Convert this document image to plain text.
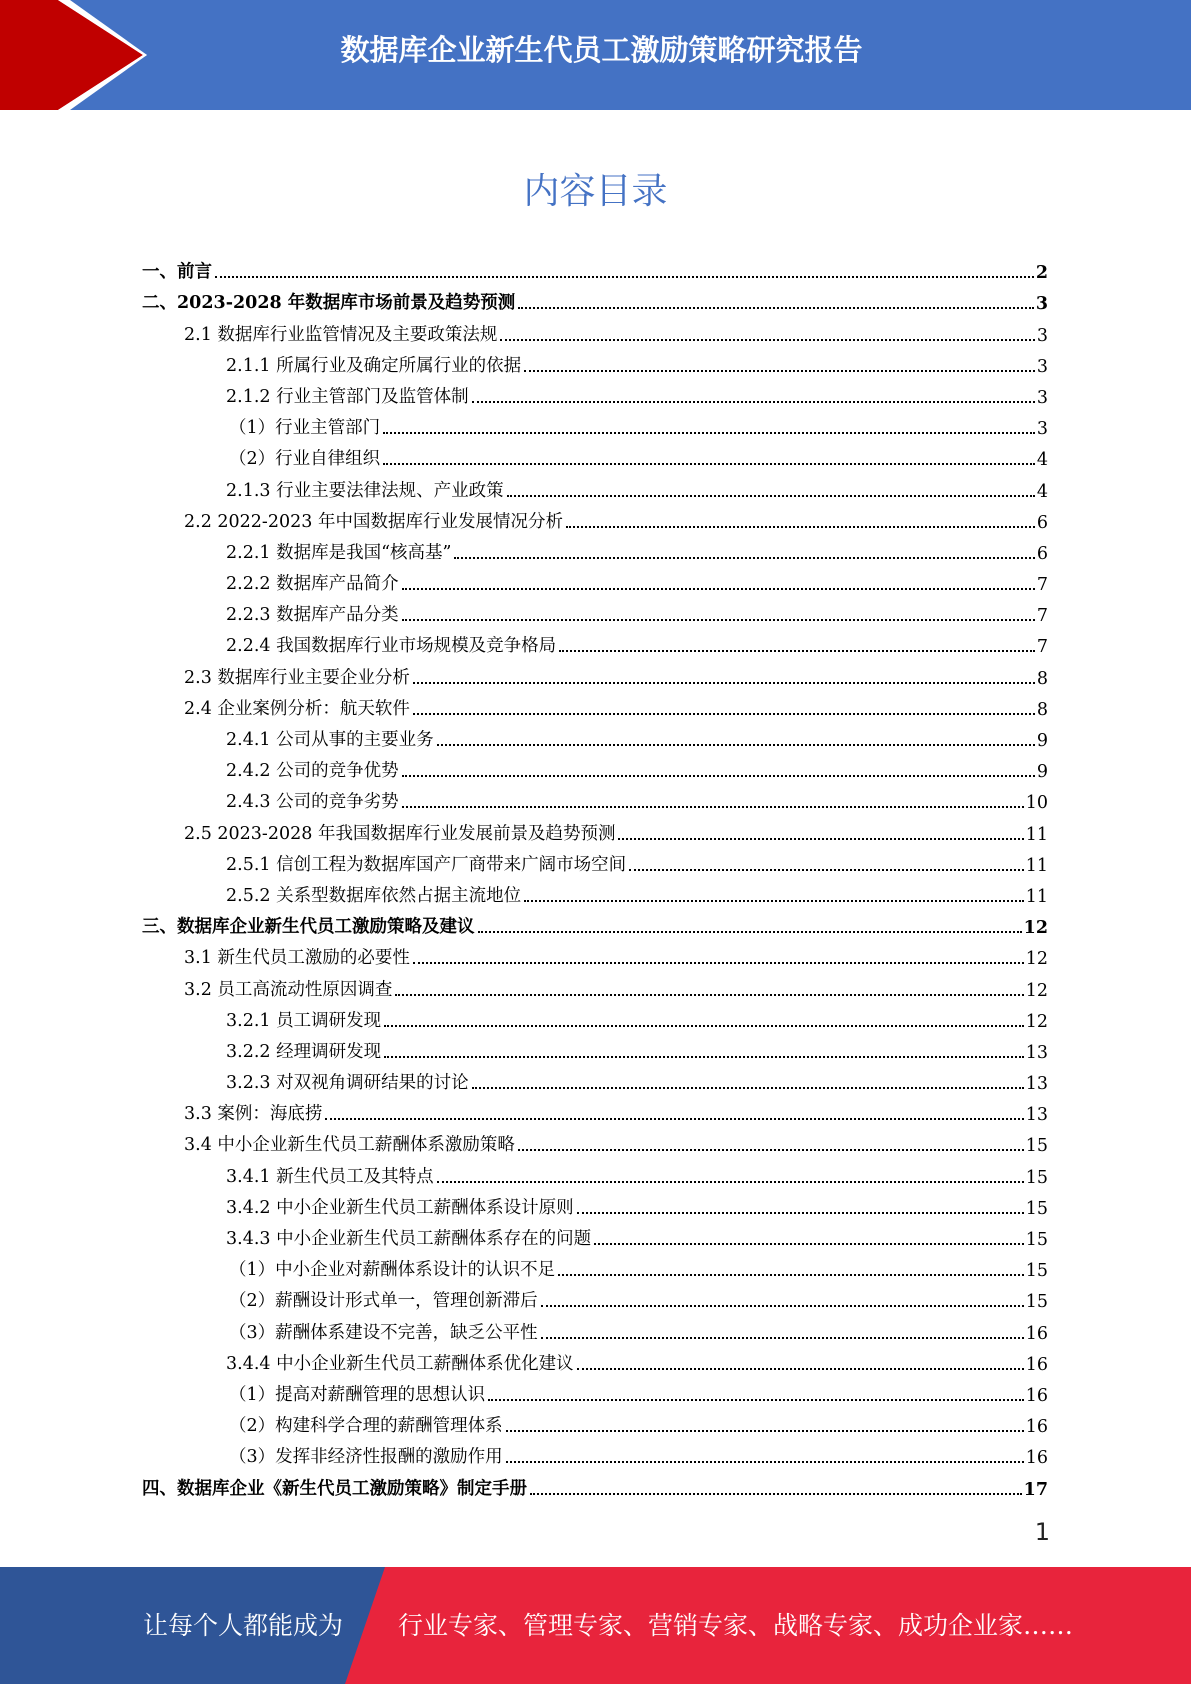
数据库企业新生代员工激励策略研究报告
内容目录
一、前言	2
二、2023-2028 年数据库市场前景及趋势预测	3
2.1 数据库行业监管情况及主要政策法规	3
2.1.1 所属行业及确定所属行业的依据	3
2.1.2 行业主管部门及监管体制	3
（1）行业主管部门	3
（2）行业自律组织	4
2.1.3 行业主要法律法规、产业政策	4
2.2 2022-2023 年中国数据库行业发展情况分析	6
2.2.1 数据库是我国“核高基”	6
2.2.2 数据库产品简介	7
2.2.3 数据库产品分类	7
2.2.4 我国数据库行业市场规模及竞争格局	7
2.3 数据库行业主要企业分析	8
2.4 企业案例分析：航天软件	8
2.4.1 公司从事的主要业务	9
2.4.2 公司的竞争优势	9
2.4.3 公司的竞争劣势	10
2.5 2023-2028 年我国数据库行业发展前景及趋势预测	11
2.5.1 信创工程为数据库国产厂商带来广阔市场空间	11
2.5.2 关系型数据库依然占据主流地位	11
三、数据库企业新生代员工激励策略及建议	12
3.1 新生代员工激励的必要性	12
3.2 员工高流动性原因调查	12
3.2.1 员工调研发现	12
3.2.2 经理调研发现	13
3.2.3 对双视角调研结果的讨论	13
3.3 案例：海底捞	13
3.4 中小企业新生代员工薪酬体系激励策略	15
3.4.1 新生代员工及其特点	15
3.4.2 中小企业新生代员工薪酬体系设计原则	15
3.4.3 中小企业新生代员工薪酬体系存在的问题	15
（1）中小企业对薪酬体系设计的认识不足	15
（2）薪酬设计形式单一，管理创新滞后	15
（3）薪酬体系建设不完善，缺乏公平性	16
3.4.4 中小企业新生代员工薪酬体系优化建议	16
（1）提高对薪酬管理的思想认识	16
（2）构建科学合理的薪酬管理体系	16
（3）发挥非经济性报酬的激励作用	16
四、数据库企业《新生代员工激励策略》制定手册	17
1
让每个人都能成为 行业专家、管理专家、营销专家、战略专家、成功企业家……
